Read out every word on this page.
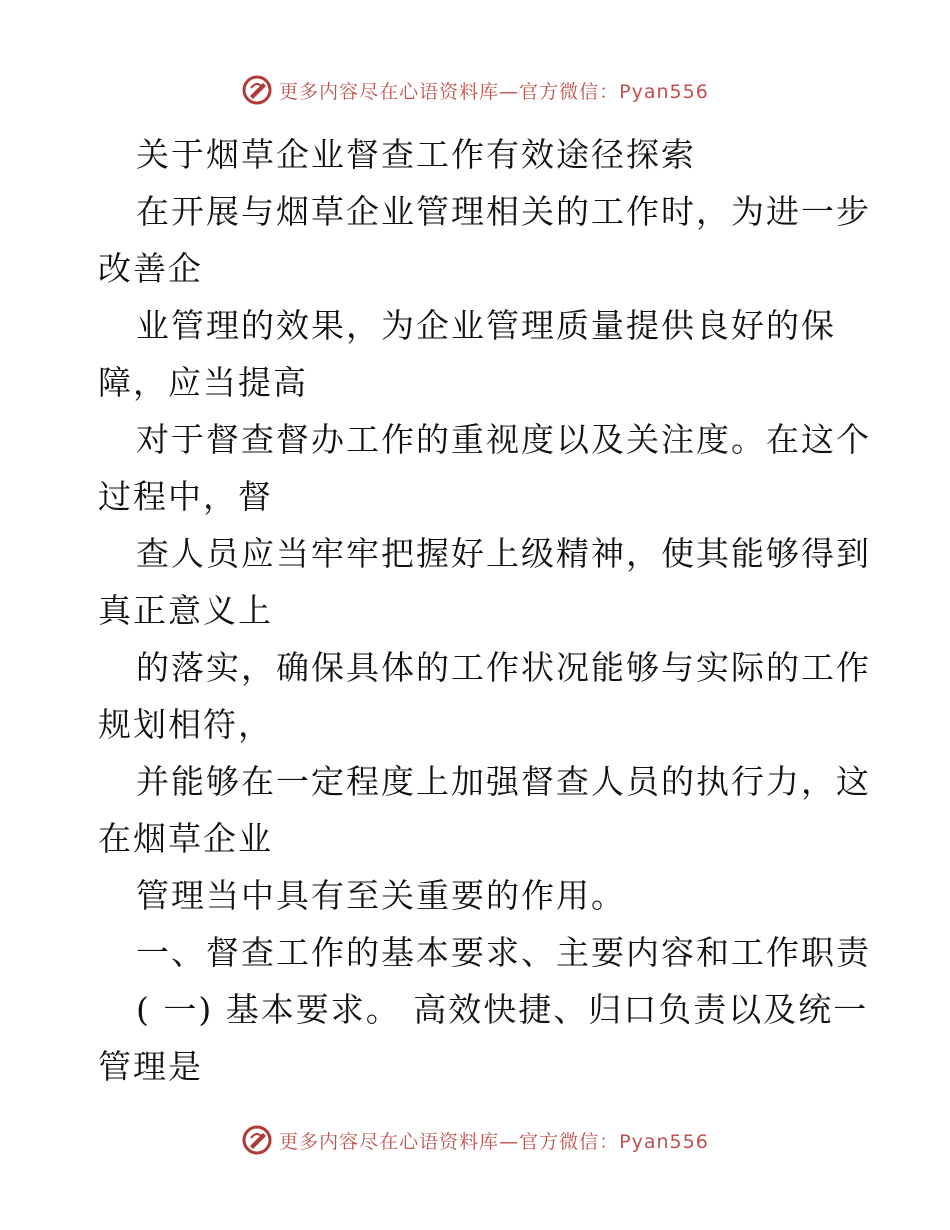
更多内容尽在心语资料库—官方微信：Pyan556
关于烟草企业督查工作有效途径探索
在开展与烟草企业管理相关的工作时，为进一步
改善企
业管理的效果，为企业管理质量提供良好的保
障，应当提高
对于督查督办工作的重视度以及关注度。在这个
过程中，督
查人员应当牢牢把握好上级精神，使其能够得到
真正意义上
的落实，确保具体的工作状况能够与实际的工作
规划相符，
并能够在一定程度上加强督查人员的执行力，这
在烟草企业
管理当中具有至关重要的作用。
一、督查工作的基本要求、主要内容和工作职责
( 一) 基本要求。 高效快捷、归口负责以及统一
管理是
更多内容尽在心语资料库—官方微信：Pyan556
